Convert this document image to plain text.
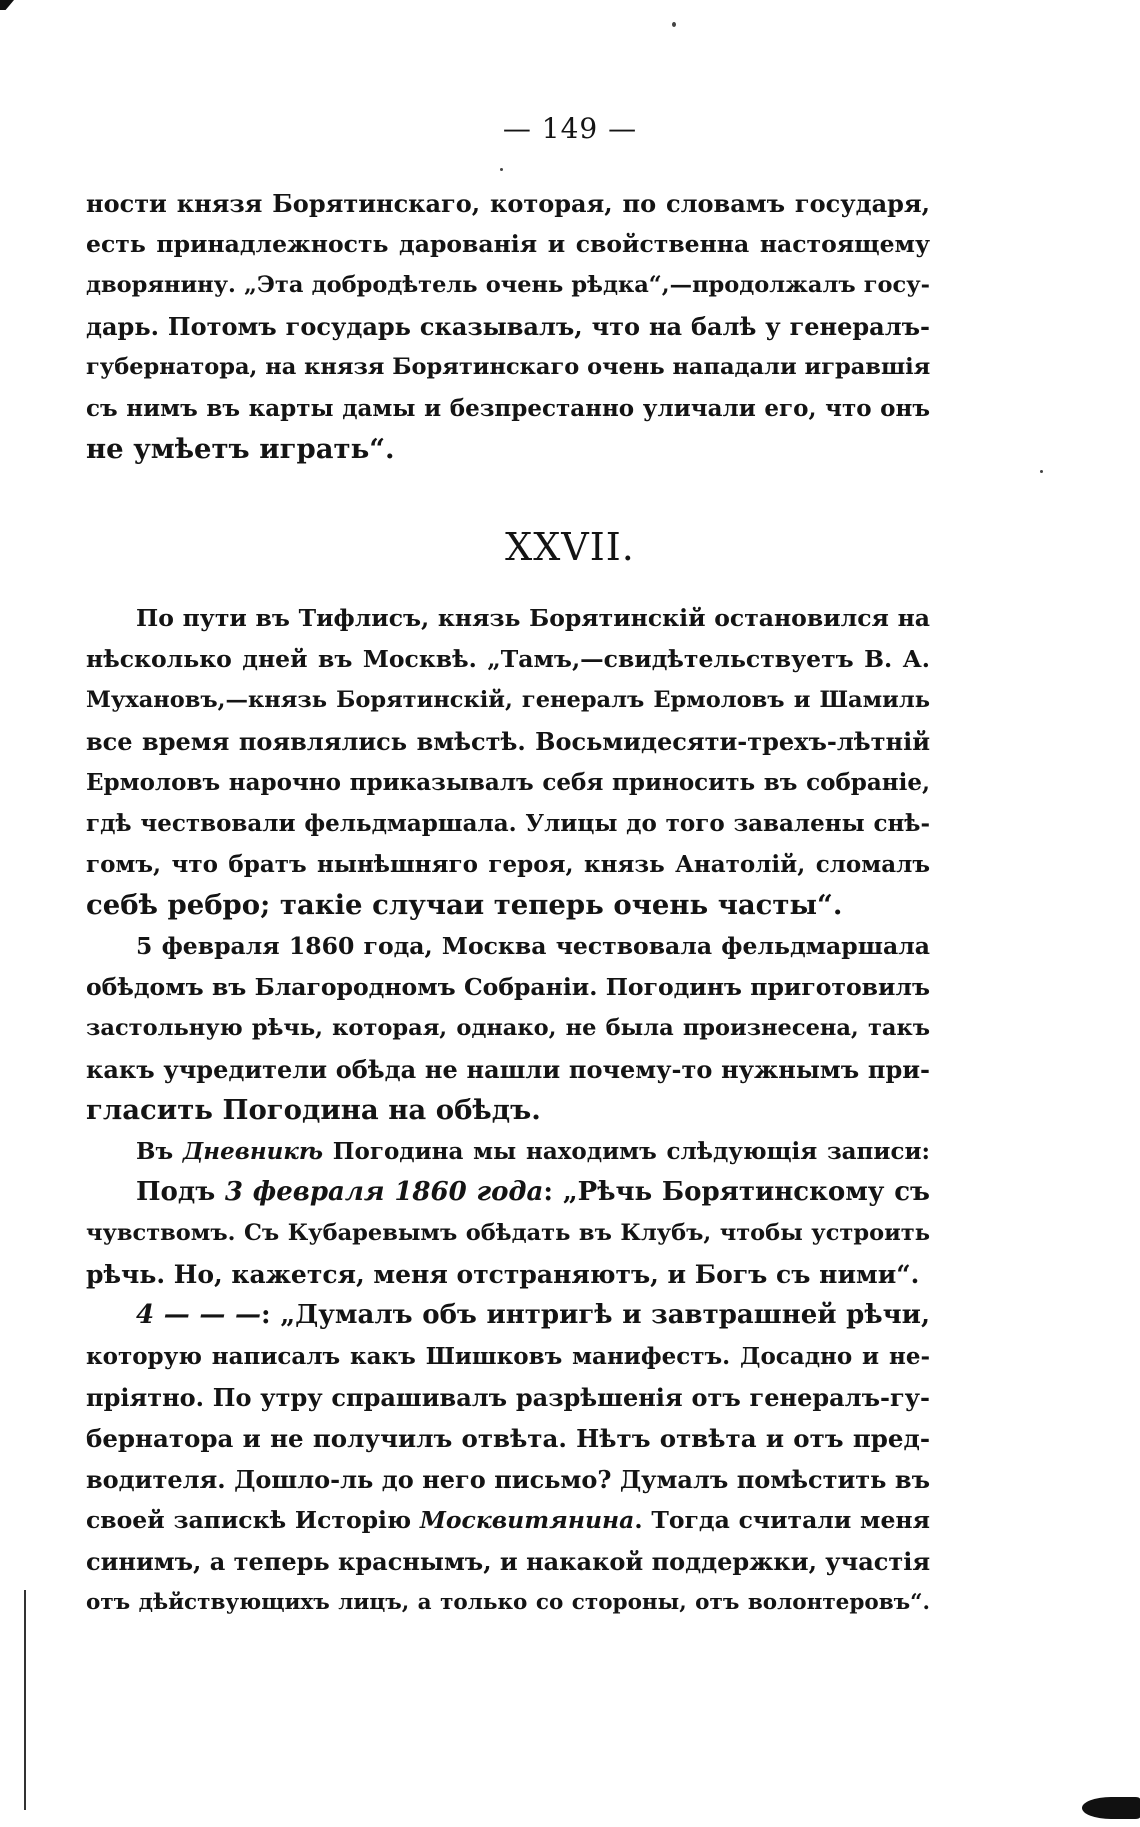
— 149 —
ности князя Борятинскаго, которая, по словамъ государя,
есть принадлежность дарованія и свойственна настоящему
дворянину. „Эта добродѣтель очень рѣдка“,—продолжалъ госу-
дарь. Потомъ государь сказывалъ, что на балѣ у генералъ-
губернатора, на князя Борятинскаго очень нападали игравшія
съ нимъ въ карты дамы и безпрестанно уличали его, что онъ
не умѣетъ играть“.
XXVII.
По пути въ Тифлисъ, князь Борятинскій остановился на
нѣсколько дней въ Москвѣ. „Тамъ,—свидѣтельствуетъ В. А.
Мухановъ,—князь Борятинскій, генералъ Ермоловъ и Шамиль
все время появлялись вмѣстѣ. Восьмидесяти-трехъ-лѣтній
Ермоловъ нарочно приказывалъ себя приносить въ собраніе,
гдѣ чествовали фельдмаршала. Улицы до того завалены снѣ-
гомъ, что братъ нынѣшняго героя, князь Анатолій, сломалъ
себѣ ребро; такіе случаи теперь очень часты“.
5 февраля 1860 года, Москва чествовала фельдмаршала
обѣдомъ въ Благородномъ Собраніи. Погодинъ приготовилъ
застольную рѣчь, которая, однако, не была произнесена, такъ
какъ учредители обѣда не нашли почему-то нужнымъ при-
гласить Погодина на обѣдъ.
Въ Дневникѣ Погодина мы находимъ слѣдующія записи:
Подъ 3 февраля 1860 года: „Рѣчь Борятинскому съ
чувствомъ. Съ Кубаревымъ обѣдать въ Клубъ, чтобы устроить
рѣчь. Но, кажется, меня отстраняютъ, и Богъ съ ними“.
4 — — —: „Думалъ объ интригѣ и завтрашней рѣчи,
которую написалъ какъ Шишковъ манифестъ. Досадно и не-
пріятно. По утру спрашивалъ разрѣшенія отъ генералъ-гу-
бернатора и не получилъ отвѣта. Нѣтъ отвѣта и отъ пред-
водителя. Дошло-ль до него письмо? Думалъ помѣстить въ
своей запискѣ Исторію Москвитянина. Тогда считали меня
синимъ, а теперь краснымъ, и накакой поддержки, участія
отъ дѣйствующихъ лицъ, а только со стороны, отъ волонтеровъ“.
